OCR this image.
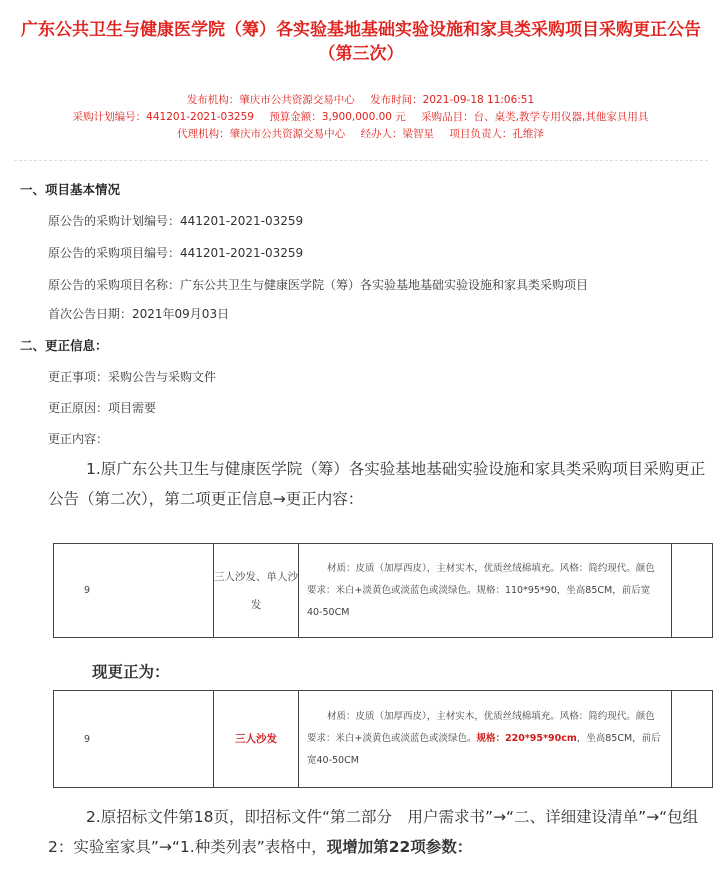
广东公共卫生与健康医学院（筹）各实验基地基础实验设施和家具类采购项目采购更正公告（第三次）
发布机构：肇庆市公共资源交易中心 发布时间：2021-09-18 11:06:51
采购计划编号：441201-2021-03259 预算金额：3,900,000.00 元 采购品目：台、桌类,教学专用仪器,其他家具用具
代理机构：肇庆市公共资源交易中心 经办人：梁智星 项目负责人：孔维泽
一、项目基本情况
原公告的采购计划编号：441201-2021-03259
原公告的采购项目编号：441201-2021-03259
原公告的采购项目名称：广东公共卫生与健康医学院（筹）各实验基地基础实验设施和家具类采购项目
首次公告日期：2021年09月03日
二、更正信息：
更正事项：采购公告与采购文件
更正原因：项目需要
更正内容：
1.原广东公共卫生与健康医学院（筹）各实验基地基础实验设施和家具类采购项目采购更正公告（第二次），第二项更正信息→更正内容：
9	三人沙发、单人沙发	材质：皮质（加厚西皮），主材实木，优质丝绒棉填充。风格：简约现代。颜色要求：米白+淡黄色或淡蓝色或淡绿色。规格：110*95*90，坐高85CM，前后宽40-50CM	
现更正为：
9	三人沙发	材质：皮质（加厚西皮），主材实木，优质丝绒棉填充。风格：简约现代。颜色要求：米白+淡黄色或淡蓝色或淡绿色。规格：220*95*90cm，坐高85CM，前后宽40-50CM	
2.原招标文件第18页，即招标文件“第二部分　用户需求书”→“二、详细建设清单”→“包组2：实验室家具”→“1.种类列表”表格中，现增加第22项参数：
